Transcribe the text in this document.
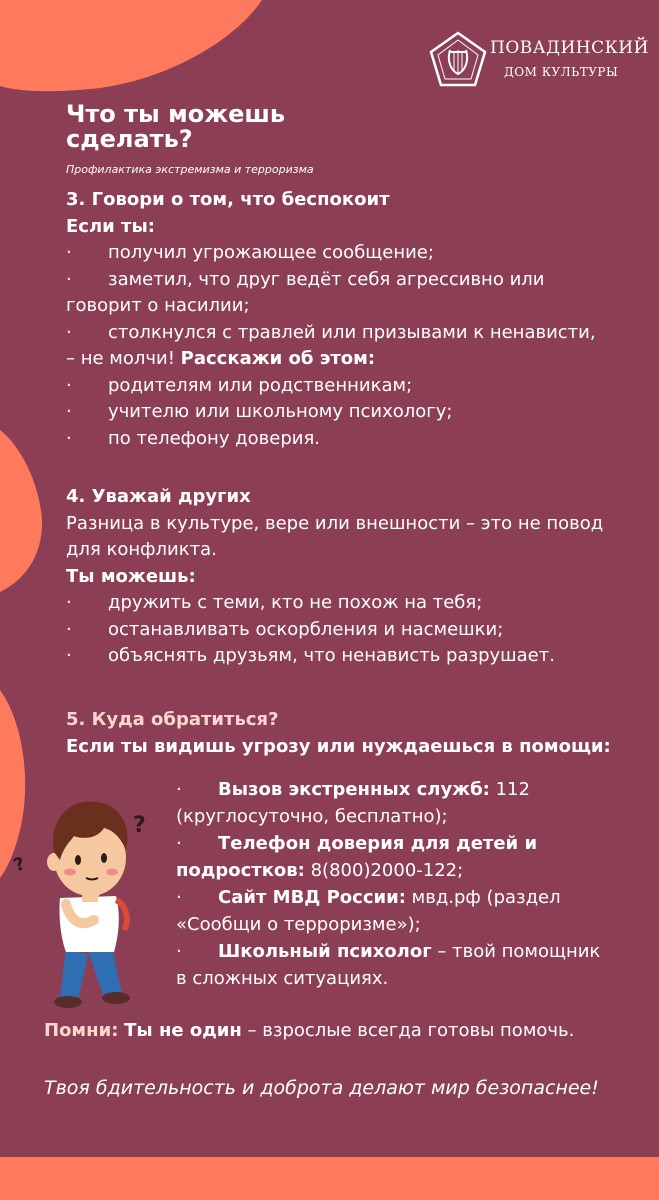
ПОВАДИНСКИЙ
ДОМ КУЛЬТУРЫ
Что ты можешь сделать?
Профилактика экстремизма и терроризма
3. Говори о том, что беспокоит
Если ты:
· получил угрожающее сообщение;
· заметил, что друг ведёт себя агрессивно или
говорит о насилии;
· столкнулся с травлей или призывами к ненависти,
– не молчи! Расскажи об этом:
· родителям или родственникам;
· учителю или школьному психологу;
· по телефону доверия.
4. Уважай других
Разница в культуре, вере или внешности – это не повод для конфликта.
Ты можешь:
· дружить с теми, кто не похож на тебя;
· останавливать оскорбления и насмешки;
· объяснять друзьям, что ненависть разрушает.
5. Куда обратиться?
Если ты видишь угрозу или нуждаешься в помощи:
· Вызов экстренных служб: 112
(круглосуточно, бесплатно);
· Телефон доверия для детей и
подростков: 8(800)2000-122;
· Сайт МВД России: мвд.рф (раздел
«Сообщи о терроризме»);
· Школьный психолог – твой помощник
в сложных ситуациях.
?
?
Помни: Ты не один – взрослые всегда готовы помочь.
Твоя бдительность и доброта делают мир безопаснее!
